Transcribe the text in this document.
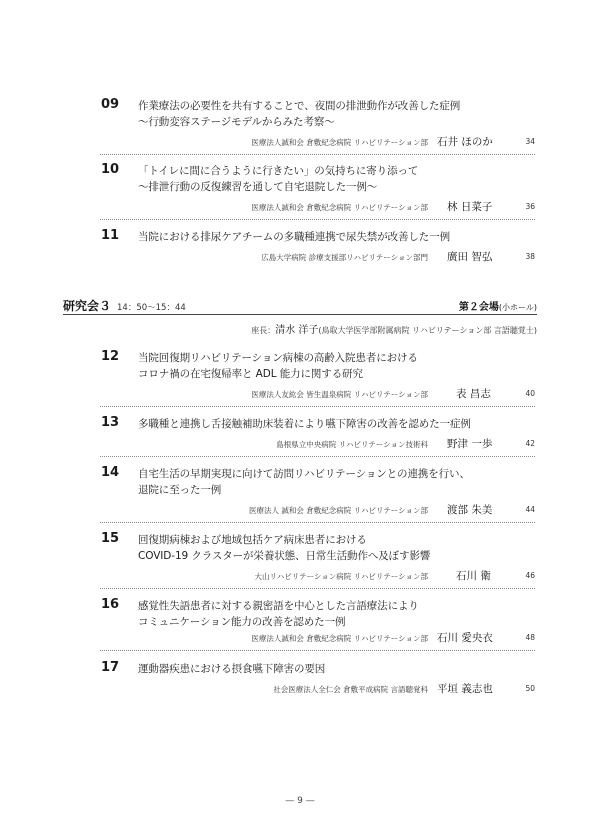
09 作業療法の必要性を共有することで、夜間の排泄動作が改善した症例
～行動変容ステージモデルからみた考察～
医療法人誠和会 倉敷紀念病院 リハビリテーション部 石井 ほのか	34
10 「トイレに間に合うように行きたい」の気持ちに寄り添って
～排泄行動の反復練習を通して自宅退院した一例～
医療法人誠和会 倉敷紀念病院 リハビリテーション部 林 日菜子	36
11 当院における排尿ケアチームの多職種連携で尿失禁が改善した一例
広島大学病院 診療支援部リハビリテーション部門 廣田 智弘	38
研究会３ 14：50～15：44	第２会場(小ホール)
座長：清水 洋子(鳥取大学医学部附属病院 リハビリテーション部 言語聴覚士)
12 当院回復期リハビリテーション病棟の高齢入院患者における
コロナ禍の在宅復帰率と ADL 能力に関する研究
医療法人友紘会 皆生温泉病院 リハビリテーション部	表 昌志	40
13 多職種と連携し舌接触補助床装着により嚥下障害の改善を認めた一症例
島根県立中央病院 リハビリテーション技術科 野津 一歩	42
14 自宅生活の早期実現に向けて訪問リハビリテーションとの連携を行い、
退院に至った一例
医療法人 誠和会 倉敷紀念病院 リハビリテーション部 渡部 朱美	44
15 回復期病棟および地域包括ケア病床患者における
COVID-19 クラスターが栄養状態、日常生活動作へ及ぼす影響
大山リハビリテーション病院 リハビリテーション部	石川 衛	46
16 感覚性失語患者に対する親密語を中心とした言語療法により
コミュニケーション能力の改善を認めた一例
医療法人誠和会 倉敷紀念病院 リハビリテーション部 石川 愛央衣	48
17 運動器疾患における摂食嚥下障害の要因
社会医療法人全仁会 倉敷平成病院 言語聴覚科 平垣 義志也	50
— 9 —
